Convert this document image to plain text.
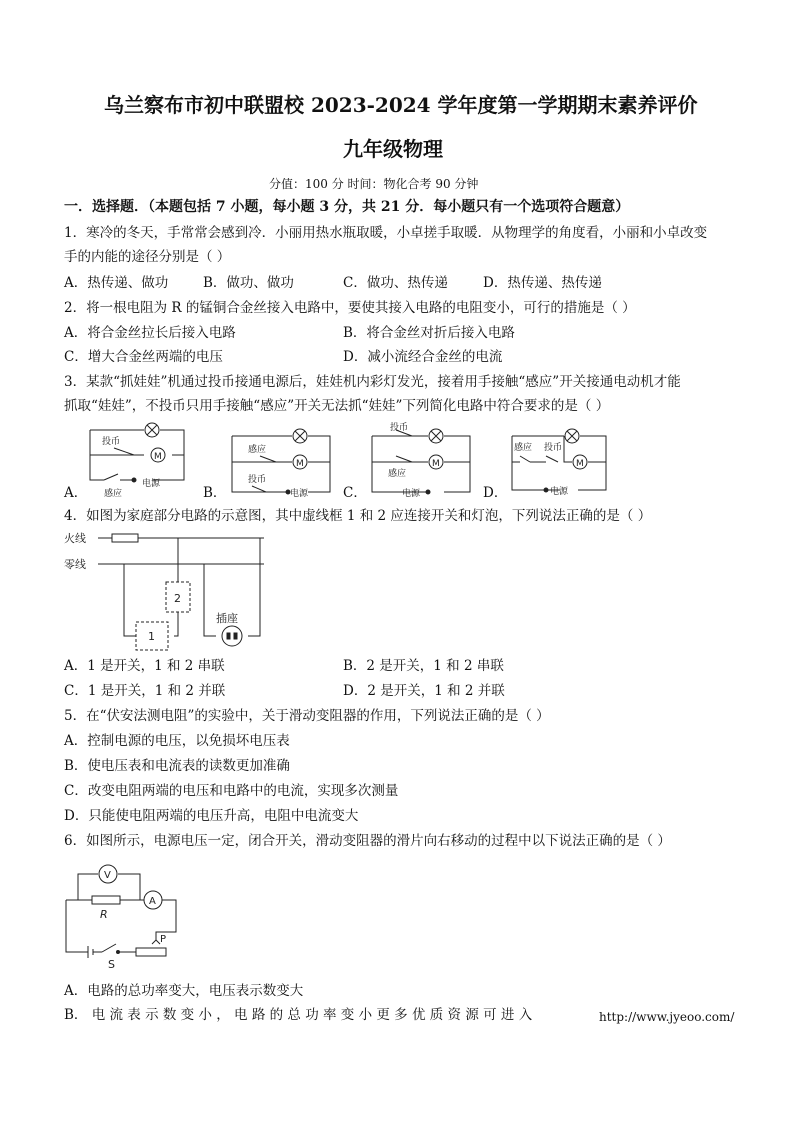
乌兰察布市初中联盟校 2023-2024 学年度第一学期期末素养评价
九年级物理
分值：100 分 时间：物化合考 90 分钟
一．选择题．（本题包括 7 小题，每小题 3 分，共 21 分．每小题只有一个选项符合题意）
1．寒冷的冬天，手常常会感到冷．小丽用热水瓶取暖，小卓搓手取暖．从物理学的角度看，小丽和小卓改变
手的内能的途径分别是（ ）
A．热传递、做功	B．做功、做功	C．做功、热传递	D．热传递、热传递
2．将一根电阻为 R 的锰铜合金丝接入电路中，要使其接入电路的电阻变小，可行的措施是（ ）
A．将合金丝拉长后接入电路	B．将合金丝对折后接入电路
C．增大合金丝两端的电压	D．减小流经合金丝的电流
3．某款“抓娃娃”机通过投币接通电源后，娃娃机内彩灯发光，接着用手接触“感应”开关接通电动机才能
抓取“娃娃”，不投币只用手接触“感应”开关无法抓“娃娃”下列简化电路中符合要求的是（ ）
A．	B．	C．	D．
投币
M
感应
电源
感应
M
投币
电源
投币
M
感应
电源
感应 投币
M
电源
4．如图为家庭部分电路的示意图，其中虚线框 1 和 2 应连接开关和灯泡，下列说法正确的是（ ）
火线
零线
2
1
插座
A．1 是开关，1 和 2 串联	B．2 是开关，1 和 2 串联
C．1 是开关，1 和 2 并联	D．2 是开关，1 和 2 并联
5．在“伏安法测电阻”的实验中，关于滑动变阻器的作用，下列说法正确的是（ ）
A．控制电源的电压，以免损坏电压表
B．使电压表和电流表的读数更加准确
C．改变电阻两端的电压和电路中的电流，实现多次测量
D．只能使电阻两端的电压升高，电阻中电流变大
6．如图所示，电源电压一定，闭合开关，滑动变阻器的滑片向右移动的过程中以下说法正确的是（ ）
V
R
A
S
P
A．电路的总功率变大，电压表示数变大
B． 电 流 表 示 数 变 小 ， 电 路 的 总 功 率 变 小 更 多 优 质 资 源 可 进 入	http://www.jyeoo.com/
